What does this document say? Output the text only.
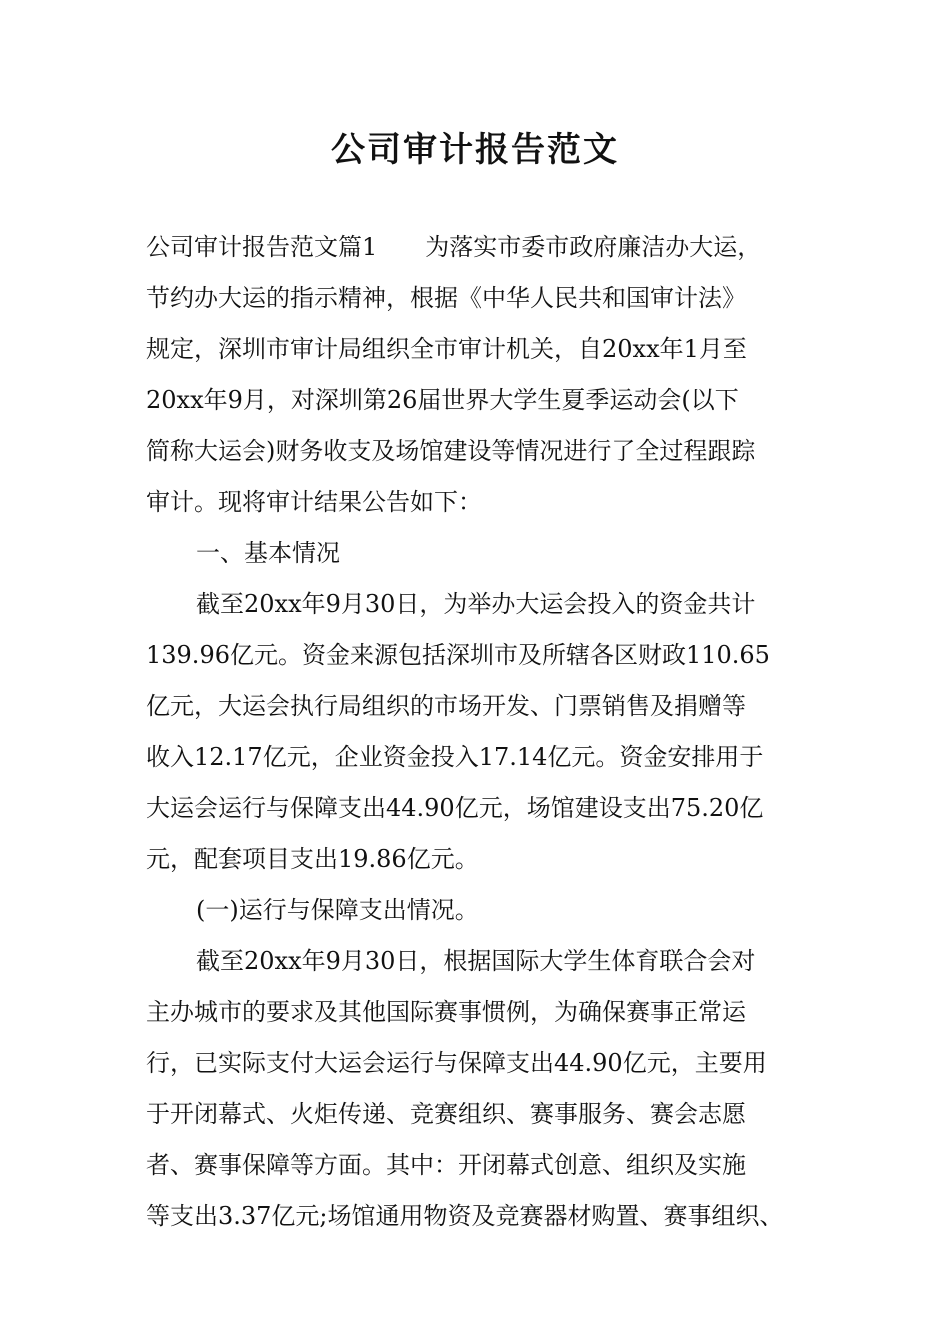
公司审计报告范文
公司审计报告范文篇1　　为落实市委市政府廉洁办大运，
节约办大运的指示精神，根据《中华人民共和国审计法》
规定，深圳市审计局组织全市审计机关，自20xx年1月至
20xx年9月，对深圳第26届世界大学生夏季运动会(以下
简称大运会)财务收支及场馆建设等情况进行了全过程跟踪
审计。现将审计结果公告如下：
一、基本情况
截至20xx年9月30日，为举办大运会投入的资金共计
139.96亿元。资金来源包括深圳市及所辖各区财政110.65
亿元，大运会执行局组织的市场开发、门票销售及捐赠等
收入12.17亿元，企业资金投入17.14亿元。资金安排用于
大运会运行与保障支出44.90亿元，场馆建设支出75.20亿
元，配套项目支出19.86亿元。
(一)运行与保障支出情况。
截至20xx年9月30日，根据国际大学生体育联合会对
主办城市的要求及其他国际赛事惯例，为确保赛事正常运
行，已实际支付大运会运行与保障支出44.90亿元，主要用
于开闭幕式、火炬传递、竞赛组织、赛事服务、赛会志愿
者、赛事保障等方面。其中：开闭幕式创意、组织及实施
等支出3.37亿元;场馆通用物资及竞赛器材购置、赛事组织、
